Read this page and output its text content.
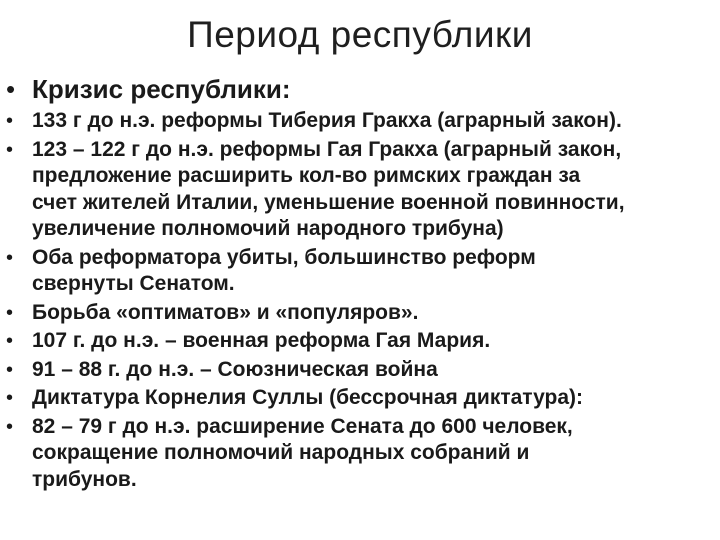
Период республики
• Кризис республики:
• 133 г до н.э. реформы Тиберия Гракха (аграрный закон).
• 123 – 122 г до н.э. реформы Гая Гракха (аграрный закон,
предложение расширить кол-во римских граждан за
счет жителей Италии, уменьшение военной повинности,
увеличение полномочий народного трибуна)
• Оба реформатора убиты, большинство реформ
свернуты Сенатом.
• Борьба «оптиматов» и «популяров».
• 107 г. до н.э. – военная реформа Гая Мария.
• 91 – 88 г. до н.э. – Союзническая война
• Диктатура Корнелия Суллы (бессрочная диктатура):
• 82 – 79 г до н.э. расширение Сената до 600 человек,
сокращение полномочий народных собраний и
трибунов.
